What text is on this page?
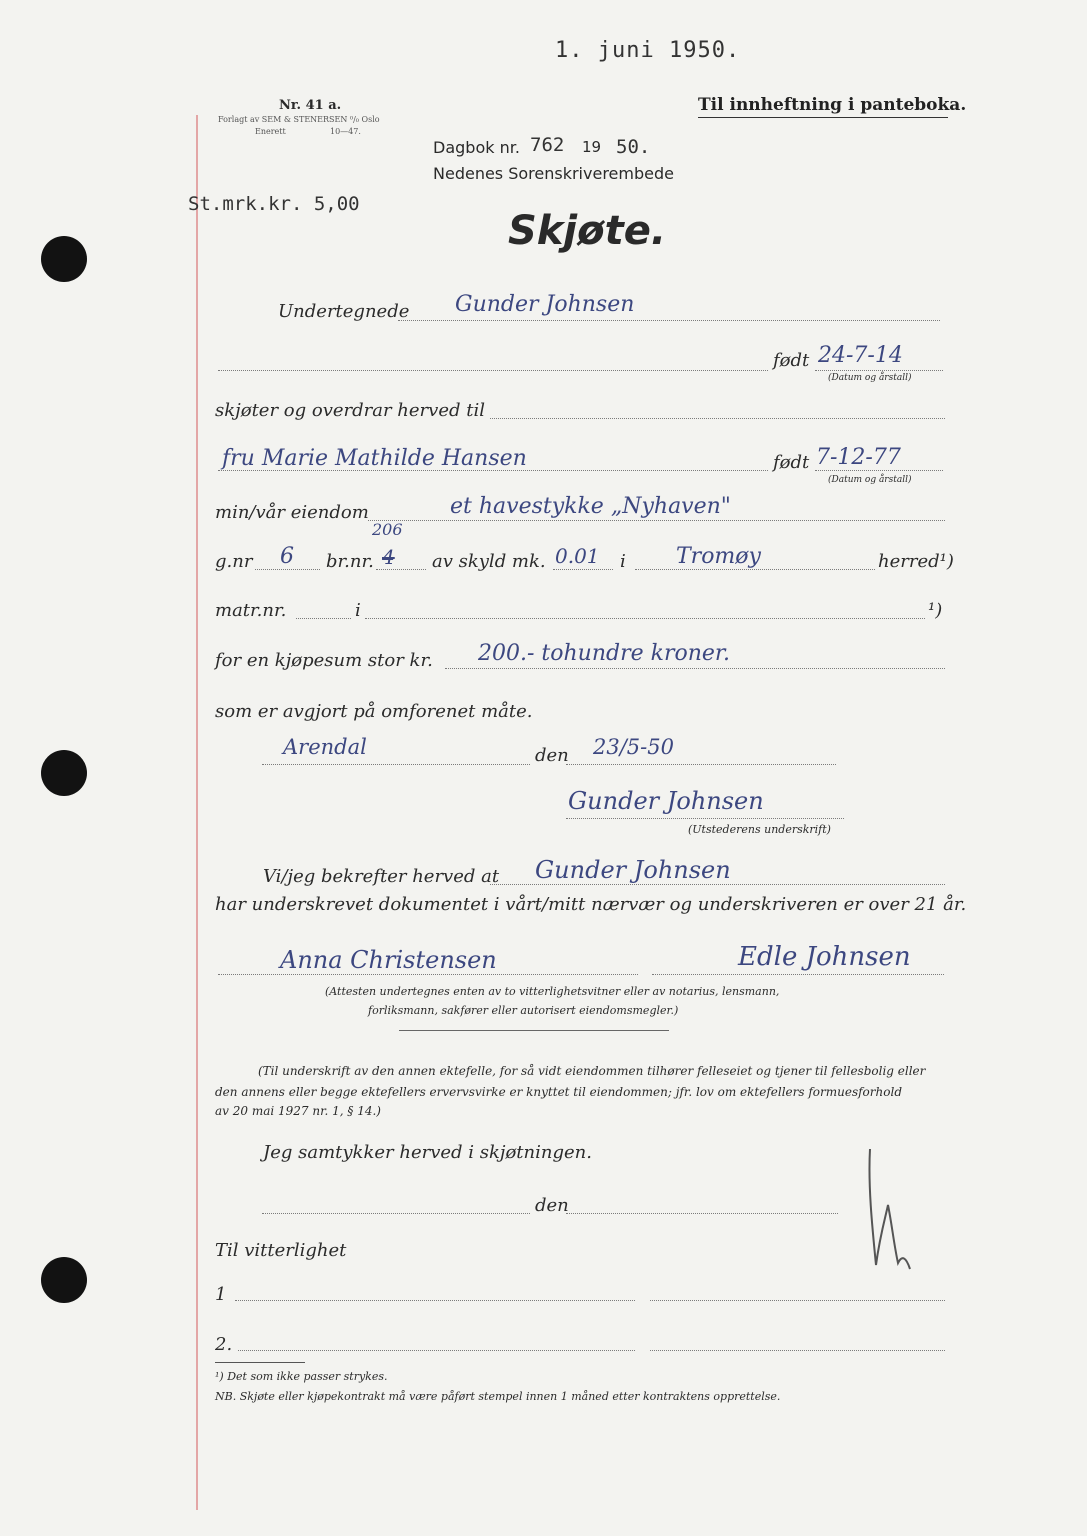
1. juni 1950.
Nr. 41 a.
Forlagt av SEM & STENERSEN ⁰/₀ Oslo
Enerett	10—47.
Til innheftning i panteboka.
Dagbok nr. 762 19 50.
Nedenes Sorenskriverembede
St.mrk.kr. 5,00
Skjøte.
Undertegnede Gunder Johnsen
født 24-7-14
(Datum og årstall)
skjøter og overdrar herved til
fru Marie Mathilde Hansen	født 7-12-77
(Datum og årstall)
min/vår eiendom	et havestykke „Nyhaven"
g.nr 6 br.nr.
206
4 av skyld mk. 0.01 i Tromøy	herred¹)
matr.nr.	i	¹)
for en kjøpesum stor kr. 200.- tohundre kroner.
som er avgjort på omforenet måte.
Arendal	den 23/5-50
Gunder Johnsen
(Utstederens underskrift)
Vi/jeg bekrefter herved at Gunder Johnsen
har underskrevet dokumentet i vårt/mitt nærvær og underskriveren er over 21 år.
Anna Christensen	Edle Johnsen
(Attesten undertegnes enten av to vitterlighetsvitner eller av notarius, lensmann,
forliksmann, sakfører eller autorisert eiendomsmegler.)
(Til underskrift av den annen ektefelle, for så vidt eiendommen tilhører felleseiet og tjener til fellesbolig eller
den annens eller begge ektefellers ervervsvirke er knyttet til eiendommen; jfr. lov om ektefellers formuesforhold
av 20 mai 1927 nr. 1, § 14.)
Jeg samtykker herved i skjøtningen.
den
Til vitterlighet
1
2.
¹) Det som ikke passer strykes.
NB. Skjøte eller kjøpekontrakt må være påført stempel innen 1 måned etter kontraktens opprettelse.
